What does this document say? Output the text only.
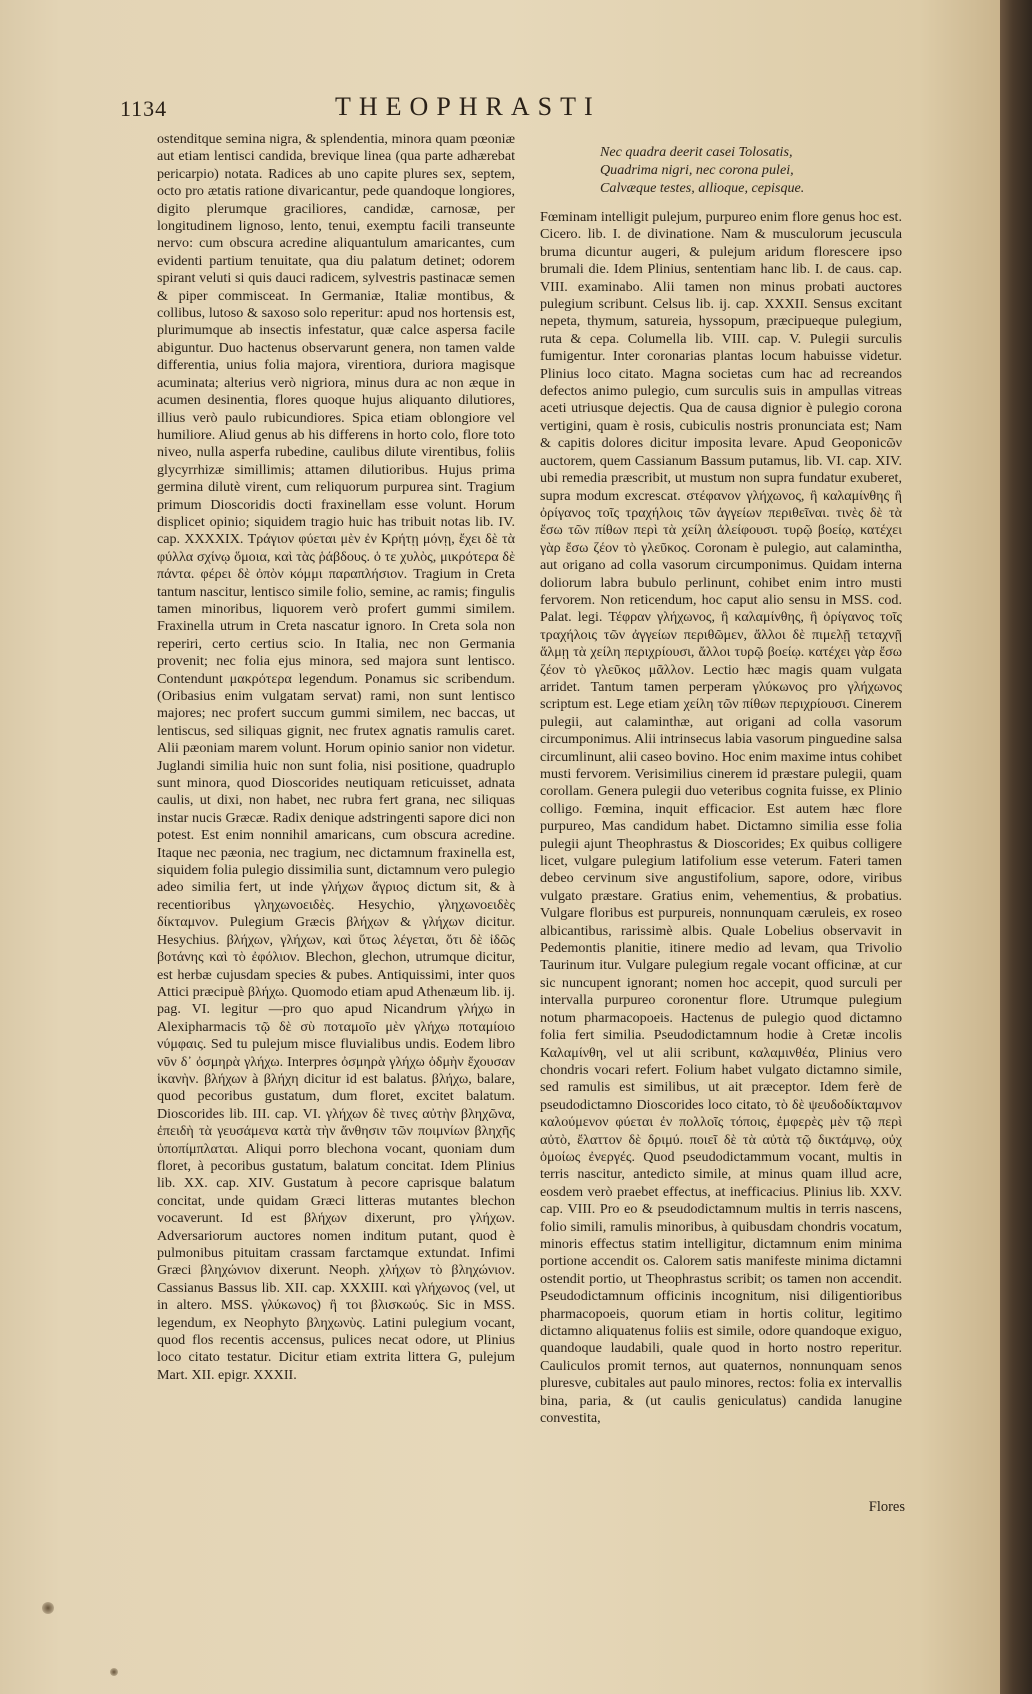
1134	THEOPHRASTI

ostenditque semina nigra, & splendentia, minora quam pœoniæ aut etiam lentisci candida, brevique linea (qua parte adhærebat pericarpio) notata. Radices ab uno capite plures sex, septem, octo pro ætatis ratione divaricantur, pede quandoque longiores, digito plerumque graciliores, candidæ, carnosæ, per longitudinem lignoso, lento, tenui, exemptu facili transeunte nervo: cum obscura acredine aliquantulum amaricantes, cum evidenti partium tenuitate, qua diu palatum detinet; odorem spirant veluti si quis dauci radicem, sylvestris pastinacæ semen & piper commisceat. In Germaniæ, Italiæ montibus, & collibus, lutoso & saxoso solo reperitur: apud nos hortensis est, plurimumque ab insectis infestatur, quæ calce aspersa facile abiguntur. Duo hactenus observarunt genera, non tamen valde differentia, unius folia majora, virentiora, duriora magisque acuminata; alterius verò nigriora, minus dura ac non æque in acumen desinentia, flores quoque hujus aliquanto dilutiores, illius verò paulo rubicundiores. Spica etiam oblongiore vel humiliore. Aliud genus ab his differens in horto colo, flore toto niveo, nulla asperfa rubedine, caulibus dilute virentibus, foliis glycyrrhizæ simillimis; attamen dilutioribus. Hujus prima germina dilutè virent, cum reliquorum purpurea sint. Tragium primum Dioscoridis docti fraxinellam esse volunt. Horum displicet opinio; siquidem tragio huic has tribuit notas lib. IV. cap. XXXXIX. Τράγιον φύεται μὲν ἐν Κρήτῃ μόνῃ, ἔχει δὲ τὰ φύλλα σχίνῳ ὅμοια, καὶ τὰς ῥάβδους. ὁ τε χυλὸς, μικρότερα δὲ πάντα. φέρει δὲ ὀπὸν κόμμι παραπλήσιον. Tragium in Creta tantum nascitur, lentisco simile folio, semine, ac ramis; fingulis tamen minoribus, liquorem verò profert gummi similem. Fraxinella utrum in Creta nascatur ignoro. In Creta sola non reperiri, certo certius scio. In Italia, nec non Germania provenit; nec folia ejus minora, sed majora sunt lentisco. Contendunt μακρότερα legendum. Ponamus sic scribendum. (Oribasius enim vulgatam servat) rami, non sunt lentisco majores; nec profert succum gummi similem, nec baccas, ut lentiscus, sed siliquas gignit, nec frutex agnatis ramulis caret. Alii pæoniam marem volunt. Horum opinio sanior non videtur. Juglandi similia huic non sunt folia, nisi positione, quadruplo sunt minora, quod Dioscorides neutiquam reticuisset, adnata caulis, ut dixi, non habet, nec rubra fert grana, nec siliquas instar nucis Græcæ. Radix denique adstringenti sapore dici non potest. Est enim nonnihil amaricans, cum obscura acredine. Itaque nec pæonia, nec tragium, nec dictamnum fraxinella est, siquidem folia pulegio dissimilia sunt, dictamnum vero pulegio adeo similia fert, ut inde γλήχων ἄγριος dictum sit, & à recentioribus γληχωνοειδὲς. Hesychio, γληχωνοειδὲς δίκταμνον. Pulegium Græcis βλήχων & γλήχων dicitur. Hesychius. βλήχων, γλήχων, καὶ ὕτως λέγεται, ὅτι δὲ ἰδῶς βοτάνης καὶ τὸ ἐφόλιον. Blechon, glechon, utrumque dicitur, est herbæ cujusdam species & pubes. Antiquissimi, inter quos Attici præcipuè βλήχω. Quomodo etiam apud Athenæum lib. ij. pag. VI. legitur —pro quo apud Nicandrum γλήχω in Alexipharmacis τῷ δὲ σὺ ποταμοῖο μὲν γλήχω ποταμίοιο νύμφαις. Sed tu pulejum misce fluvialibus undis. Eodem libro νῦν δ᾽ ὀσμηρὰ γλήχω. Interpres ὀσμηρὰ γλήχω ὀδμὴν ἔχουσαν ἱκανὴν. βλήχων à βλήχη dicitur id est balatus. βλήχω, balare, quod pecoribus gustatum, dum floret, excitet balatum. Dioscorides lib. III. cap. VI. γλήχων δὲ τινες αὐτὴν βληχῶνα, ἐπειδὴ τὰ γευσάμενα κατὰ τὴν ἄνθησιν τῶν ποιμνίων βληχῆς ὑποπίμπλαται. Aliqui porro blechona vocant, quoniam dum floret, à pecoribus gustatum, balatum concitat. Idem Plinius lib. XX. cap. XIV. Gustatum à pecore caprisque balatum concitat, unde quidam Græci litteras mutantes blechon vocaverunt. Id est βλήχων dixerunt, pro γλήχων. Adversariorum auctores nomen inditum putant, quod è pulmonibus pituitam crassam farctamque extundat. Infimi Græci βληχώνιον dixerunt. Neoph. χλήχων τὸ βληχώνιον. Cassianus Bassus lib. XII. cap. XXXIII. καὶ γλήχωνος (vel, ut in altero. MSS. γλύκωνος) ἢ τοι βλισκωύς. Sic in MSS. legendum, ex Neophyto βληχωνὺς. Latini pulegium vocant, quod flos recentis accensus, pulices necat odore, ut Plinius loco citato testatur. Dicitur etiam extrita littera G, pulejum Mart. XII. epigr. XXXII.

Nec quadra deerit casei Tolosatis,
Quadrima nigri, nec corona pulei,
Calvæque testes, allioque, cepisque.

Fœminam intelligit pulejum, purpureo enim flore genus hoc est. Cicero. lib. I. de divinatione. Nam & musculorum jecuscula bruma dicuntur augeri, & pulejum aridum florescere ipso brumali die. Idem Plinius, sententiam hanc lib. I. de caus. cap. VIII. examinabo. Alii tamen non minus probati auctores pulegium scribunt. Celsus lib. ij. cap. XXXII. Sensus excitant nepeta, thymum, satureia, hyssopum, præcipueque pulegium, ruta & cepa. Columella lib. VIII. cap. V. Pulegii surculis fumigentur. Inter coronarias plantas locum habuisse videtur. Plinius loco citato. Magna societas cum hac ad recreandos defectos animo pulegio, cum surculis suis in ampullas vitreas aceti utriusque dejectis. Qua de causa dignior è pulegio corona vertigini, quam è rosis, cubiculis nostris pronunciata est; Nam & capitis dolores dicitur imposita levare. Apud Geoponicῶν auctorem, quem Cassianum Bassum putamus, lib. VI. cap. XIV. ubi remedia præscribit, ut mustum non supra fundatur exuberet, supra modum excrescat. στέφανον γλήχωνος, ἢ καλαμίνθης ἢ ὀρίγανος τοῖς τραχήλοις τῶν ἀγγείων περιθεῖναι. τινὲς δὲ τὰ ἔσω τῶν πίθων περὶ τὰ χείλη ἀλείφουσι. τυρῷ βοείῳ, κατέχει γὰρ ἔσω ζέον τὸ γλεῦκος. Coronam è pulegio, aut calamintha, aut origano ad colla vasorum circumponimus. Quidam interna doliorum labra bubulo perlinunt, cohibet enim intro musti fervorem. Non reticendum, hoc caput alio sensu in MSS. cod. Palat. legi. Τέφραν γλήχωνος, ἢ καλαμίνθης, ἢ ὀρίγανος τοῖς τραχήλοις τῶν ἀγγείων περιθῶμεν, ἄλλοι δὲ πιμελῇ τεταχνῇ ἅλμῃ τὰ χείλη περιχρίουσι, ἄλλοι τυρῷ βοείῳ. κατέχει γὰρ ἔσω ζέον τὸ γλεῦκος μᾶλλον. Lectio hæc magis quam vulgata arridet. Tantum tamen perperam γλύκωνος pro γλήχωνος scriptum est. Lege etiam χείλη τῶν πίθων περιχρίουσι. Cinerem pulegii, aut calaminthæ, aut origani ad colla vasorum circumponimus. Alii intrinsecus labia vasorum pinguedine salsa circumlinunt, alii caseo bovino. Hoc enim maxime intus cohibet musti fervorem. Verisimilius cinerem id præstare pulegii, quam corollam. Genera pulegii duo veteribus cognita fuisse, ex Plinio colligo. Fœmina, inquit efficacior. Est autem hæc flore purpureo, Mas candidum habet. Dictamno similia esse folia pulegii ajunt Theophrastus & Dioscorides; Ex quibus colligere licet, vulgare pulegium latifolium esse veterum. Fateri tamen debeo cervinum sive angustifolium, sapore, odore, viribus vulgato præstare. Gratius enim, vehementius, & probatius. Vulgare floribus est purpureis, nonnunquam cæruleis, ex roseo albicantibus, rarissimè albis. Quale Lobelius observavit in Pedemontis planitie, itinere medio ad levam, qua Trivolio Taurinum itur. Vulgare pulegium regale vocant officinæ, at cur sic nuncupent ignorant; nomen hoc accepit, quod surculi per intervalla purpureo coronentur flore. Utrumque pulegium notum pharmacopoeis. Hactenus de pulegio quod dictamno folia fert similia. Pseudodictamnum hodie à Cretæ incolis Καλαμίνθη, vel ut alii scribunt, καλαμινθέα, Plinius vero chondris vocari refert. Folium habet vulgato dictamno simile, sed ramulis est similibus, ut ait præceptor. Idem ferè de pseudodictamno Dioscorides loco citato, τὸ δὲ ψευδοδίκταμνον καλούμενον φύεται ἐν πολλοῖς τόποις, ἐμφερὲς μὲν τῷ περὶ αὐτὸ, ἔλαττον δὲ δριμύ. ποιεῖ δὲ τὰ αὐτὰ τῷ δικτάμνῳ, οὐχ ὁμοίως ἐνεργές. Quod pseudodictammum vocant, multis in terris nascitur, antedicto simile, at minus quam illud acre, eosdem verò praebet effectus, at inefficacius. Plinius lib. XXV. cap. VIII. Pro eo & pseudodictamnum multis in terris nascens, folio simili, ramulis minoribus, à quibusdam chondris vocatum, minoris effectus statim intelligitur, dictamnum enim minima portione accendit os. Calorem satis manifeste minima dictamni ostendit portio, ut Theophrastus scribit; os tamen non accendit. Pseudodictamnum officinis incognitum, nisi diligentioribus pharmacopoeis, quorum etiam in hortis colitur, legitimo dictamno aliquatenus foliis est simile, odore quandoque exiguo, quandoque laudabili, quale quod in horto nostro reperitur. Cauliculos promit ternos, aut quaternos, nonnunquam senos pluresve, cubitales aut paulo minores, rectos: folia ex intervallis bina, paria, & (ut caulis geniculatus) candida lanugine convestita,

Flores
